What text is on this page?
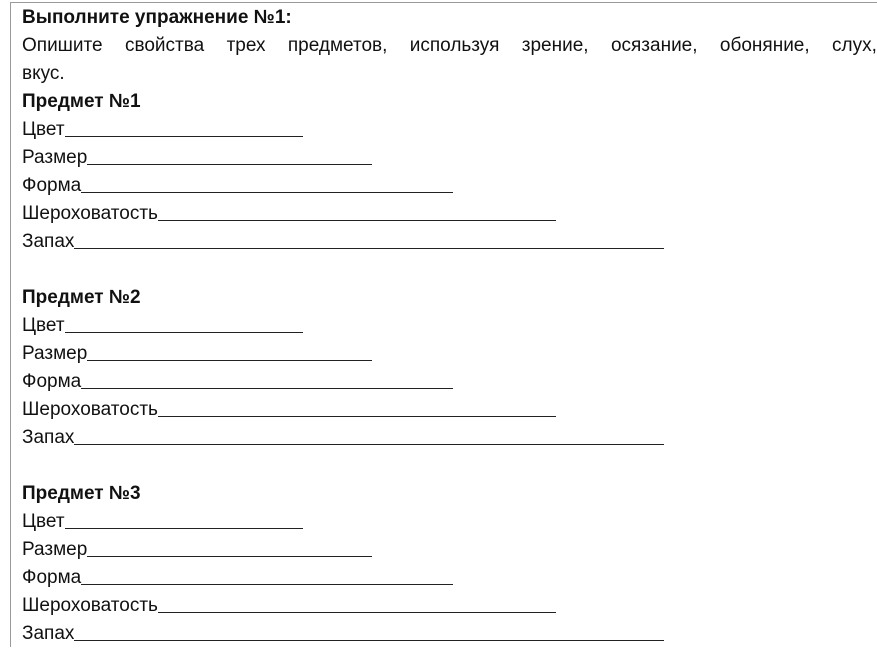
Выполните упражнение №1:
Опишите свойства трех предметов, используя зрение, осязание, обоняние, слух,
вкус.
Предмет №1
Цвет
Размер
Форма
Шероховатость
Запах
Предмет №2
Цвет
Размер
Форма
Шероховатость
Запах
Предмет №3
Цвет
Размер
Форма
Шероховатость
Запах
